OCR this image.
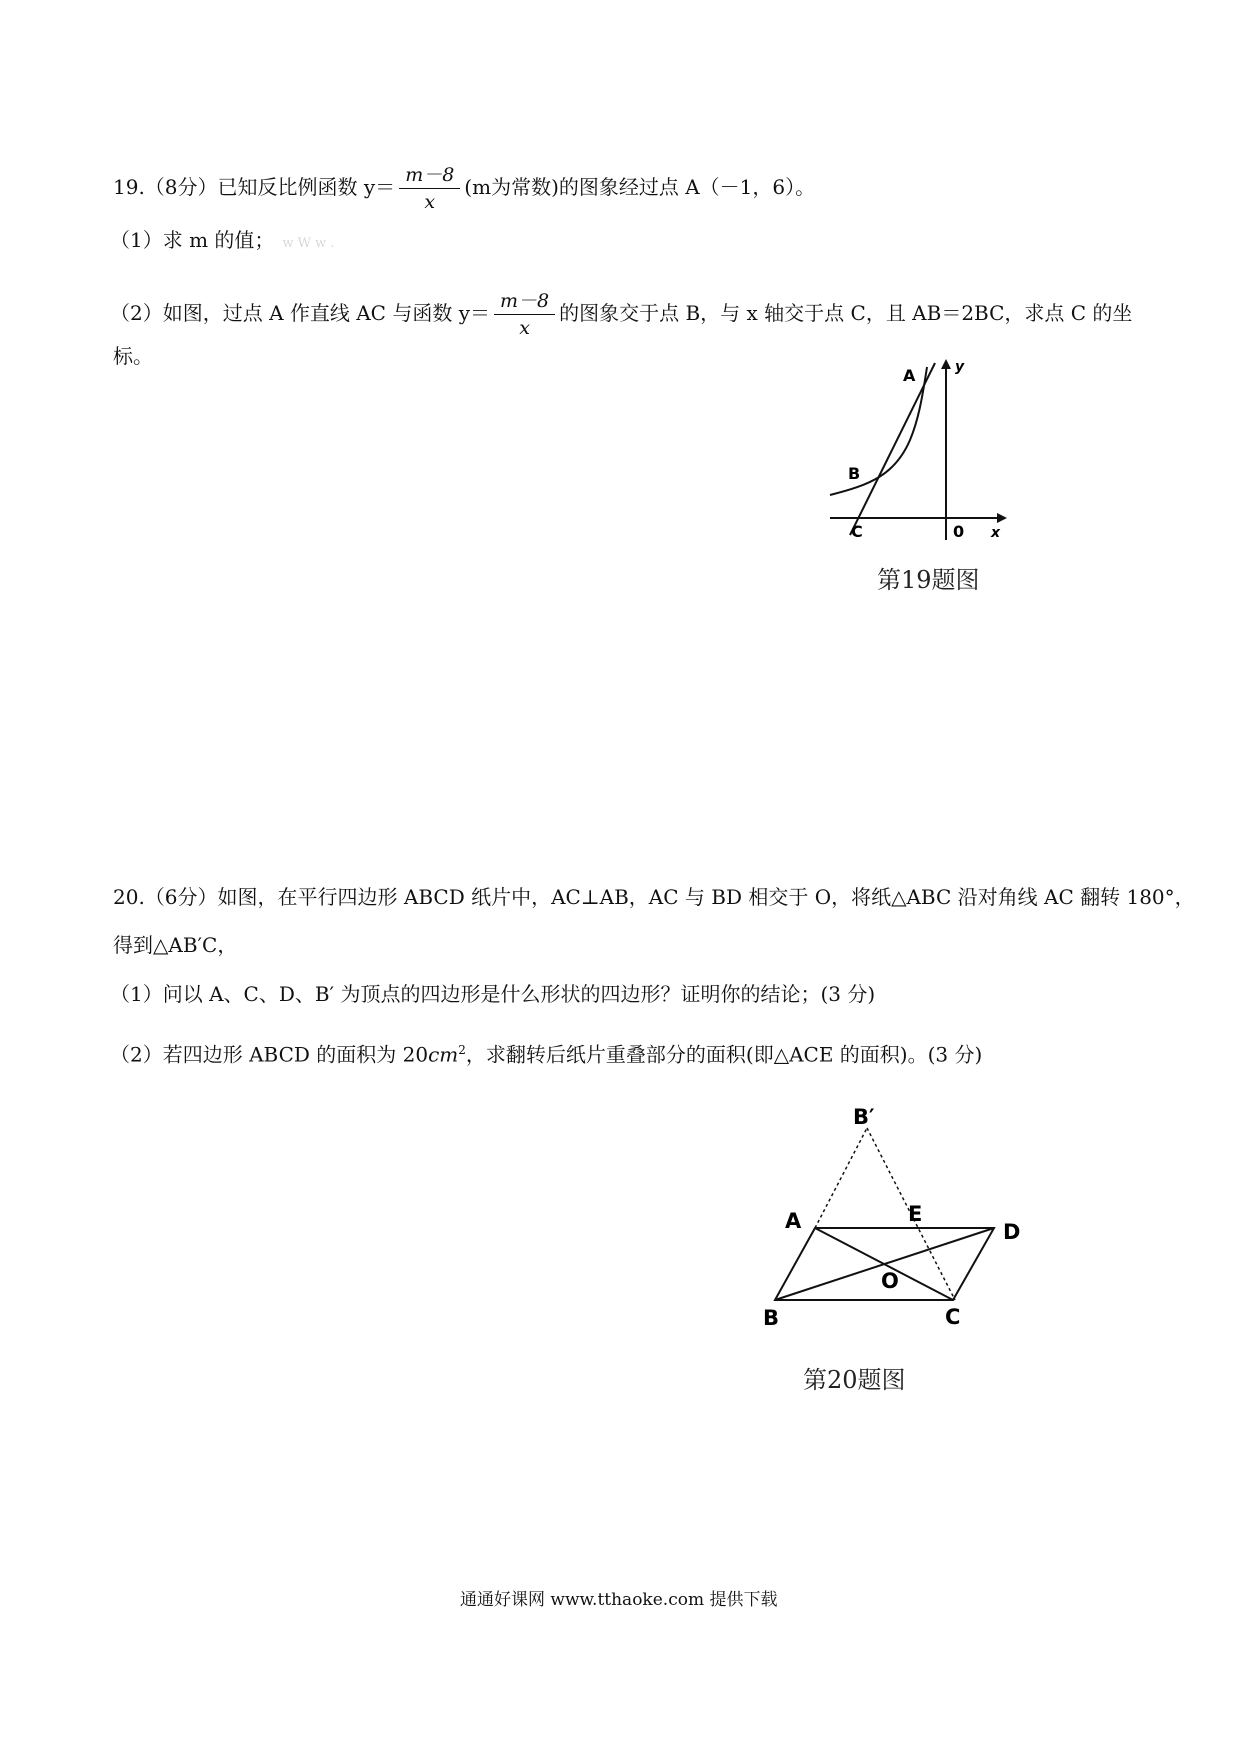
19.（8分）已知反比例函数 $y= \frac{m-8}{x} (m$为常数)的图象经过点 A（－1，6）。
（1）求 m 的值； w W w .
（2）如图，过点 A 作直线 AC 与函数 $y= \frac{m-8}{x}$ 的图象交于点 B，与 x 轴交于点 C，且 AB＝2BC，求点 C 的坐
标。
A	y
B
C	0 x
第19题图
20.（6分）如图，在平行四边形 ABCD 纸片中，AC⊥AB，AC 与 BD 相交于 O，将纸△ABC 沿对角线 AC 翻转 180°，
得到△AB′C，
（1）问以 A、C、D、B′ 为顶点的四边形是什么形状的四边形？证明你的结论；(3 分)
（2）若四边形 ABCD 的面积为 $20cm^2$，求翻转后纸片重叠部分的面积(即△ACE 的面积)。(3 分)
B′
A	E
D
O
B	C
第20题图
通通好课网 www.tthaoke.com 提供下载
